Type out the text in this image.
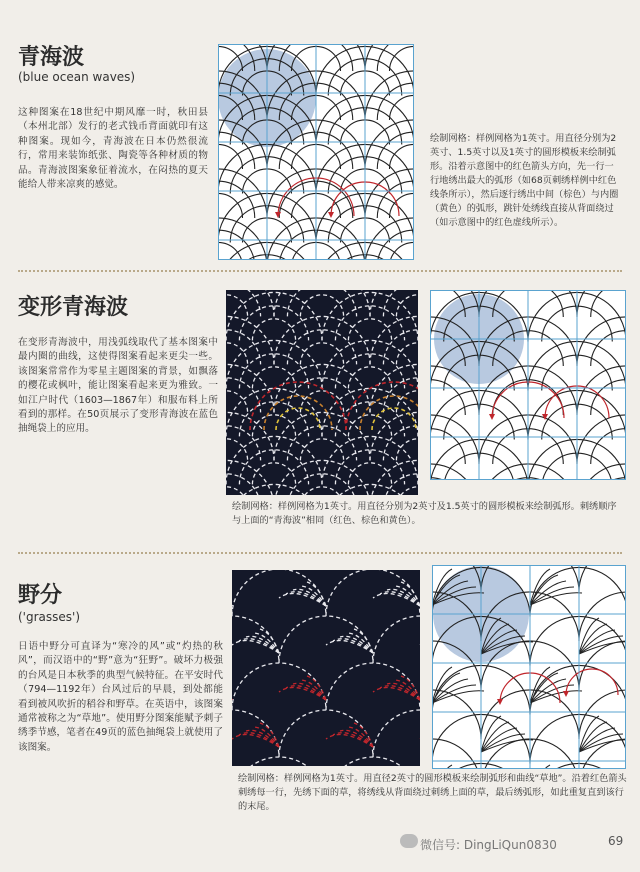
青海波
(blue ocean waves)
这种图案在18世纪中期风靡一时，秋田县（本州北部）发行的老式钱币背面就印有这种图案。现如今，青海波在日本仍然很流行，常用来装饰纸张、陶瓷等各种材质的物品。青海波图案象征着流水，在闷热的夏天能给人带来凉爽的感觉。
绘制网格：样例网格为1英寸。用直径分别为2英寸、1.5英寸以及1英寸的圆形模板来绘制弧形。沿着示意图中的红色箭头方向，先一行一行地绣出最大的弧形（如68页刺绣样例中红色线条所示），然后逐行绣出中间（棕色）与内圈（黄色）的弧形，跳针处绣线直接从背面绕过（如示意图中的红色虚线所示）。
变形青海波
在变形青海波中，用浅弧线取代了基本图案中最内圈的曲线，这使得图案看起来更尖一些。该图案常常作为零星主题图案的背景，如飘落的樱花或枫叶，能让图案看起来更为雅致。一如江户时代（1603—1867年）和服布料上所看到的那样。在50页展示了变形青海波在蓝色抽绳袋上的应用。
绘制网格：样例网格为1英寸。用直径分别为2英寸及1.5英寸的圆形模板来绘制弧形。刺绣顺序与上面的“青海波”相同（红色、棕色和黄色）。
野分
('grasses')
日语中野分可直译为“寒冷的风”或“灼热的秋风”，而汉语中的“野”意为“狂野”。破坏力极强的台风是日本秋季的典型气候特征。在平安时代（794—1192年）台风过后的早晨，到处都能看到被风吹折的稻谷和野草。在英语中，该图案通常被称之为“草地”。使用野分图案能赋予刺子绣季节感，笔者在49页的蓝色抽绳袋上就使用了该图案。
绘制网格：样例网格为1英寸。用直径2英寸的圆形模板来绘制弧形和曲线“草地”。沿着红色箭头刺绣每一行，先绣下面的草，将绣线从背面绕过刺绣上面的草，最后绣弧形，如此重复直到该行的末尾。
微信号: DingLiQun0830	69
